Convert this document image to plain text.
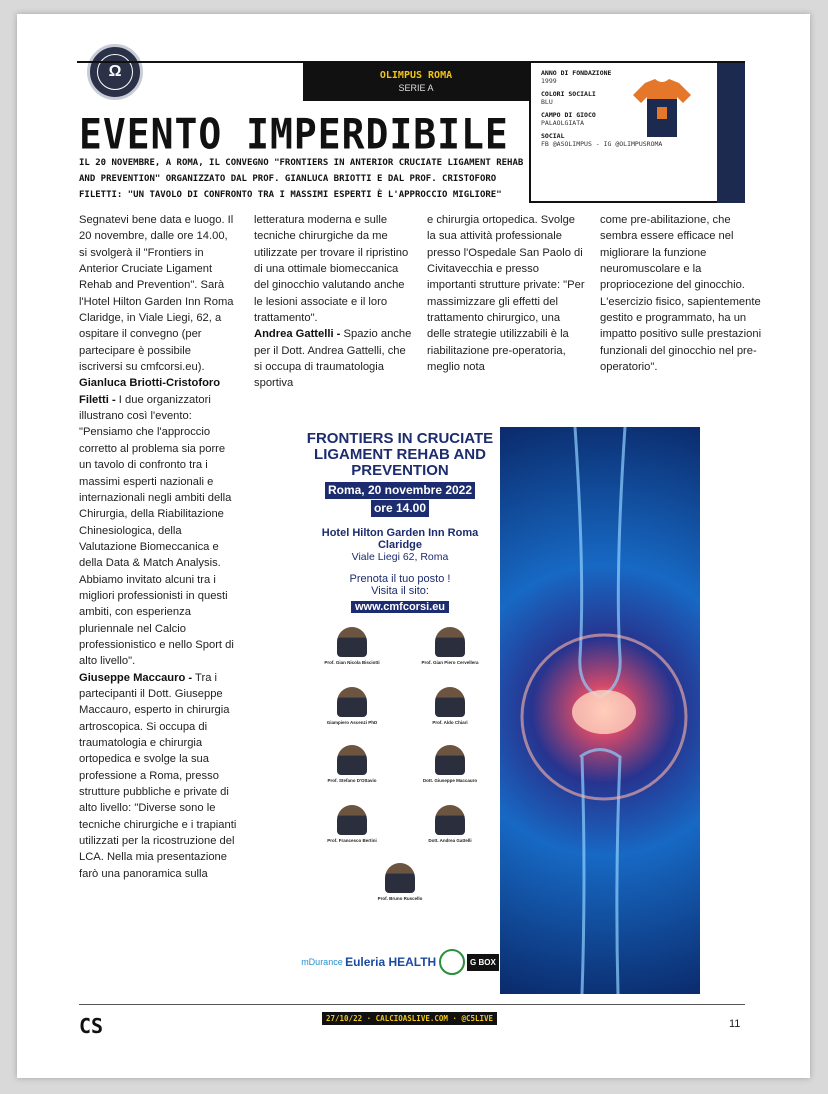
Ω	OLIMPUS ROMA
SERIE A
EVENTO IMPERDIBILE
IL 20 NOVEMBRE, A ROMA, IL CONVEGNO "FRONTIERS IN ANTERIOR CRUCIATE LIGAMENT REHAB AND PREVENTION" ORGANIZZATO DAL PROF. GIANLUCA BRIOTTI E DAL PROF. CRISTOFORO FILETTI: "UN TAVOLO DI CONFRONTO TRA I MASSIMI ESPERTI È L'APPROCCIO MIGLIORE"
ANNO DI FONDAZIONE
1999
COLORI SOCIALI
BLU
CAMPO DI GIOCO
PALAOLGIATA
SOCIAL
FB @ASOLIMPUS - IG @OLIMPUSROMA
Segnatevi bene data e luogo. Il 20 novembre, dalle ore 14.00, si svolgerà il "Frontiers in Anterior Cruciate Ligament Rehab and Prevention". Sarà l'Hotel Hilton Garden Inn Roma Claridge, in Viale Liegi, 62, a ospitare il convegno (per partecipare è possibile iscriversi su cmfcorsi.eu).
Gianluca Briotti-Cristoforo Filetti - I due organizzatori illustrano così l'evento: "Pensiamo che l'approccio corretto al problema sia porre un tavolo di confronto tra i massimi esperti nazionali e internazionali negli ambiti della Chirurgia, della Riabilitazione Chinesiologica, della Valutazione Biomeccanica e della Data & Match Analysis. Abbiamo invitato alcuni tra i migliori professionisti in questi ambiti, con esperienza pluriennale nel Calcio professionistico e nello Sport di alto livello".
Giuseppe Maccauro - Tra i partecipanti il Dott. Giuseppe Maccauro, esperto in chirurgia artroscopica. Si occupa di traumatologia e chirurgia ortopedica e svolge la sua professione a Roma, presso strutture pubbliche e private di alto livello: "Diverse sono le tecniche chirurgiche e i trapianti utilizzati per la ricostruzione del LCA. Nella mia presentazione farò una panoramica sulla
letteratura moderna e sulle tecniche chirurgiche da me utilizzate per trovare il ripristino di una ottimale biomeccanica del ginocchio valutando anche le lesioni associate e il loro trattamento".
Andrea Gattelli - Spazio anche per il Dott. Andrea Gattelli, che si occupa di traumatologia sportiva
e chirurgia ortopedica. Svolge la sua attività professionale presso l'Ospedale San Paolo di Civitavecchia e presso importanti strutture private: "Per massimizzare gli effetti del trattamento chirurgico, una delle strategie utilizzabili è la riabilitazione pre-operatoria, meglio nota
come pre-abilitazione, che sembra essere efficace nel migliorare la funzione neuromuscolare e la propriocezione del ginocchio. L'esercizio fisico, sapientemente gestito e programmato, ha un impatto positivo sulle prestazioni funzionali del ginocchio nel pre-operatorio".
FRONTIERS IN CRUCIATE LIGAMENT REHAB AND PREVENTION
Roma, 20 novembre 2022
ore 14.00
Hotel Hilton Garden Inn Roma Claridge
Viale Liegi 62, Roma
Prenota il tuo posto !
Visita il sito:
www.cmfcorsi.eu
Prof. Gian Nicola Bisciotti	Prof. Gian Piero Cervellera
Giampiero Ascenzi PhD	Prof. Aldo Chiari
Prof. Stefano D'Ottavio	Dott. Giuseppe Maccauro
Prof. Francesco Bertini	Dott. Andrea Gattelli
Prof. Bruno Ruscello
mDurance Euleria HEALTH	G BOX
CS	27/10/22 · CALCIOASLIVE.COM · @C5LIVE	11
